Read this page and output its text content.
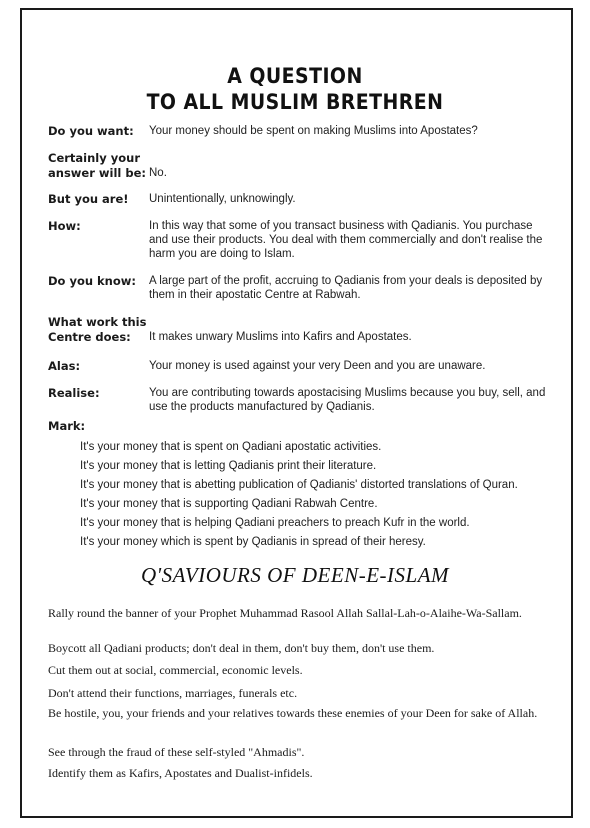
A QUESTION
TO ALL MUSLIM BRETHREN
Do you want:	Your money should be spent on making Muslims into Apostates?
Certainly your
answer will be: No.
But you are!	Unintentionally, unknowingly.
How:	In this way that some of you transact business with Qadianis. You purchase and use their products. You deal with them commercially and don't realise the harm you are doing to Islam.
Do you know:	A large part of the profit, accruing to Qadianis from your deals is deposited by them in their apostatic Centre at Rabwah.
What work this
Centre does:	It makes unwary Muslims into Kafirs and Apostates.
Alas:	Your money is used against your very Deen and you are unaware.
Realise:	You are contributing towards apostacising Muslims because you buy, sell, and use the products manufactured by Qadianis.
Mark:
It's your money that is spent on Qadiani apostatic activities.
It's your money that is letting Qadianis print their literature.
It's your money that is abetting publication of Qadianis' distorted translations of Quran.
It's your money that is supporting Qadiani Rabwah Centre.
It's your money that is helping Qadiani preachers to preach Kufr in the world.
It's your money which is spent by Qadianis in spread of their heresy.
Q'SAVIOURS OF DEEN-E-ISLAM
Rally round the banner of your Prophet Muhammad Rasool Allah Sallal-Lah-o-Alaihe-Wa-Sallam.
Boycott all Qadiani products; don't deal in them, don't buy them, don't use them.
Cut them out at social, commercial, economic levels.
Don't attend their functions, marriages, funerals etc.
Be hostile, you, your friends and your relatives towards these enemies of your Deen for sake of Allah.
See through the fraud of these self-styled "Ahmadis".
Identify them as Kafirs, Apostates and Dualist-infidels.
